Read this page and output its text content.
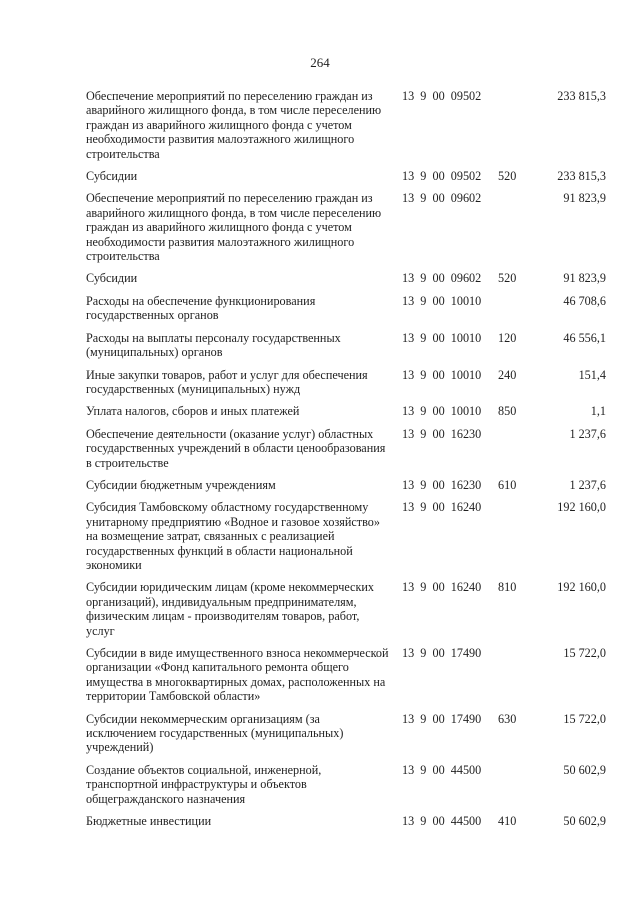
264
Обеспечение мероприятий по переселению граждан из аварийного жилищного фонда, в том числе переселению граждан из аварийного жилищного фонда с учетом необходимости развития малоэтажного жилищного строительства	13  9  00  09502		233 815,3
Субсидии	13  9  00  09502	520	233 815,3
Обеспечение мероприятий по переселению граждан из аварийного жилищного фонда, в том числе переселению граждан из аварийного жилищного фонда с учетом необходимости развития малоэтажного жилищного строительства	13  9  00  09602		91 823,9
Субсидии	13  9  00  09602	520	91 823,9
Расходы на обеспечение функционирования государственных органов	13  9  00  10010		46 708,6
Расходы на выплаты персоналу государственных (муниципальных) органов	13  9  00  10010	120	46 556,1
Иные закупки товаров, работ и услуг для обеспечения государственных (муниципальных) нужд	13  9  00  10010	240	151,4
Уплата налогов, сборов и иных платежей	13  9  00  10010	850	1,1
Обеспечение деятельности (оказание услуг) областных государственных учреждений в области ценообразования в строительстве	13  9  00  16230		1 237,6
Субсидии бюджетным учреждениям	13  9  00  16230	610	1 237,6
Субсидия Тамбовскому областному государственному унитарному предприятию «Водное и газовое хозяйство» на возмещение затрат, связанных с реализацией государственных функций в области национальной экономики	13  9  00  16240		192 160,0
Субсидии юридическим лицам (кроме некоммерческих организаций), индивидуальным предпринимателям, физическим лицам - производителям товаров, работ, услуг	13  9  00  16240	810	192 160,0
Субсидии в виде имущественного взноса некоммерческой организации «Фонд капитального ремонта общего имущества в многоквартирных домах, расположенных на территории Тамбовской области»	13  9  00  17490		15 722,0
Субсидии некоммерческим организациям (за исключением государственных (муниципальных) учреждений)	13  9  00  17490	630	15 722,0
Создание объектов социальной, инженерной, транспортной инфраструктуры и объектов общегражданского назначения	13  9  00  44500		50 602,9
Бюджетные инвестиции	13  9  00  44500	410	50 602,9
